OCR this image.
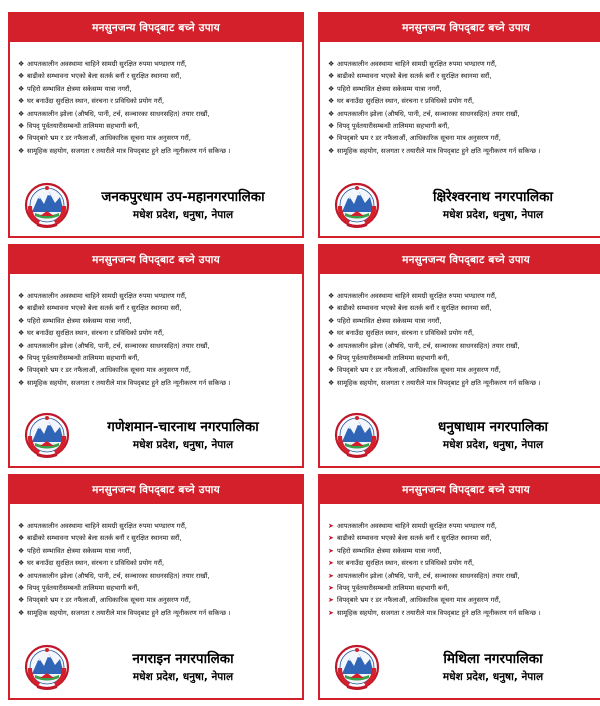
मनसुनजन्य विपद्‌बाट बच्ने उपाय
❖ आपतकालीन अवस्थामा चाहिने सामग्री सुरक्षित रुपमा भण्डारण गरौं,
❖ बाढीको सम्भावना भएको बेला सतर्क बनौं र सुरक्षित स्थानमा सरौं,
❖ पहिरो सम्भावित क्षेत्रमा सकेसम्म यात्रा नगरौं,
❖ घर बनाउँदा सुरक्षित स्थान, संरचना र प्रविधिको प्रयोग गरौं,
❖ आपतकालीन झोला (औषधि, पानी, टर्च, सञ्चारका साधनसहित) तयार राखौं,
❖ विपद् पूर्वतयारीसम्बन्धी तालिममा सहभागी बनौं,
❖ विपद्‌बारे भ्रम र डर नफैलाऔं, आधिकारिक सूचना मात्र अनुसरण गरौं,
❖ सामूहिक सहयोग, सजगता र तयारीले मात्र विपद्‌बाट हुने क्षति न्यूनीकरण गर्न सकिन्छ ।
जनकपुरधाम उप-महानगरपालिका
मधेश प्रदेश, धनुषा, नेपाल
मनसुनजन्य विपद्‌बाट बच्ने उपाय
❖ आपतकालीन अवस्थामा चाहिने सामग्री सुरक्षित रुपमा भण्डारण गरौं,
❖ बाढीको सम्भावना भएको बेला सतर्क बनौं र सुरक्षित स्थानमा सरौं,
❖ पहिरो सम्भावित क्षेत्रमा सकेसम्म यात्रा नगरौं,
❖ घर बनाउँदा सुरक्षित स्थान, संरचना र प्रविधिको प्रयोग गरौं,
❖ आपतकालीन झोला (औषधि, पानी, टर्च, सञ्चारका साधनसहित) तयार राखौं,
❖ विपद् पूर्वतयारीसम्बन्धी तालिममा सहभागी बनौं,
❖ विपद्‌बारे भ्रम र डर नफैलाऔं, आधिकारिक सूचना मात्र अनुसरण गरौं,
❖ सामूहिक सहयोग, सजगता र तयारीले मात्र विपद्‌बाट हुने क्षति न्यूनीकरण गर्न सकिन्छ ।
क्षिरेश्वरनाथ नगरपालिका
मधेश प्रदेश, धनुषा, नेपाल
मनसुनजन्य विपद्‌बाट बच्ने उपाय
❖ आपतकालीन अवस्थामा चाहिने सामग्री सुरक्षित रुपमा भण्डारण गरौं,
❖ बाढीको सम्भावना भएको बेला सतर्क बनौं र सुरक्षित स्थानमा सरौं,
❖ पहिरो सम्भावित क्षेत्रमा सकेसम्म यात्रा नगरौं,
❖ घर बनाउँदा सुरक्षित स्थान, संरचना र प्रविधिको प्रयोग गरौं,
❖ आपतकालीन झोला (औषधि, पानी, टर्च, सञ्चारका साधनसहित) तयार राखौं,
❖ विपद् पूर्वतयारीसम्बन्धी तालिममा सहभागी बनौं,
❖ विपद्‌बारे भ्रम र डर नफैलाऔं, आधिकारिक सूचना मात्र अनुसरण गरौं,
❖ सामूहिक सहयोग, सजगता र तयारीले मात्र विपद्‌बाट हुने क्षति न्यूनीकरण गर्न सकिन्छ ।
गणेशमान-चारनाथ नगरपालिका
मधेश प्रदेश, धनुषा, नेपाल
मनसुनजन्य विपद्‌बाट बच्ने उपाय
❖ आपतकालीन अवस्थामा चाहिने सामग्री सुरक्षित रुपमा भण्डारण गरौं,
❖ बाढीको सम्भावना भएको बेला सतर्क बनौं र सुरक्षित स्थानमा सरौं,
❖ पहिरो सम्भावित क्षेत्रमा सकेसम्म यात्रा नगरौं,
❖ घर बनाउँदा सुरक्षित स्थान, संरचना र प्रविधिको प्रयोग गरौं,
❖ आपतकालीन झोला (औषधि, पानी, टर्च, सञ्चारका साधनसहित) तयार राखौं,
❖ विपद् पूर्वतयारीसम्बन्धी तालिममा सहभागी बनौं,
❖ विपद्‌बारे भ्रम र डर नफैलाऔं, आधिकारिक सूचना मात्र अनुसरण गरौं,
❖ सामूहिक सहयोग, सजगता र तयारीले मात्र विपद्‌बाट हुने क्षति न्यूनीकरण गर्न सकिन्छ ।
धनुषाधाम नगरपालिका
मधेश प्रदेश, धनुषा, नेपाल
मनसुनजन्य विपद्‌बाट बच्ने उपाय
❖ आपतकालीन अवस्थामा चाहिने सामग्री सुरक्षित रुपमा भण्डारण गरौं,
❖ बाढीको सम्भावना भएको बेला सतर्क बनौं र सुरक्षित स्थानमा सरौं,
❖ पहिरो सम्भावित क्षेत्रमा सकेसम्म यात्रा नगरौं,
❖ घर बनाउँदा सुरक्षित स्थान, संरचना र प्रविधिको प्रयोग गरौं,
❖ आपतकालीन झोला (औषधि, पानी, टर्च, सञ्चारका साधनसहित) तयार राखौं,
❖ विपद् पूर्वतयारीसम्बन्धी तालिममा सहभागी बनौं,
❖ विपद्‌बारे भ्रम र डर नफैलाऔं, आधिकारिक सूचना मात्र अनुसरण गरौं,
❖ सामूहिक सहयोग, सजगता र तयारीले मात्र विपद्‌बाट हुने क्षति न्यूनीकरण गर्न सकिन्छ ।
नगराइन नगरपालिका
मधेश प्रदेश, धनुषा, नेपाल
मनसुनजन्य विपद्‌बाट बच्ने उपाय
➤ आपतकालीन अवस्थामा चाहिने सामग्री सुरक्षित रुपमा भण्डारण गरौं,
➤ बाढीको सम्भावना भएको बेला सतर्क बनौं र सुरक्षित स्थानमा सरौं,
➤ पहिरो सम्भावित क्षेत्रमा सकेसम्म यात्रा नगरौं,
➤ घर बनाउँदा सुरक्षित स्थान, संरचना र प्रविधिको प्रयोग गरौं,
➤ आपतकालीन झोला (औषधि, पानी, टर्च, सञ्चारका साधनसहित) तयार राखौं,
➤ विपद् पूर्वतयारीसम्बन्धी तालिममा सहभागी बनौं,
➤ विपद्‌बारे भ्रम र डर नफैलाऔं, आधिकारिक सूचना मात्र अनुसरण गरौं,
➤ सामूहिक सहयोग, सजगता र तयारीले मात्र विपद्‌बाट हुने क्षति न्यूनीकरण गर्न सकिन्छ ।
मिथिला नगरपालिका
मधेश प्रदेश, धनुषा, नेपाल
